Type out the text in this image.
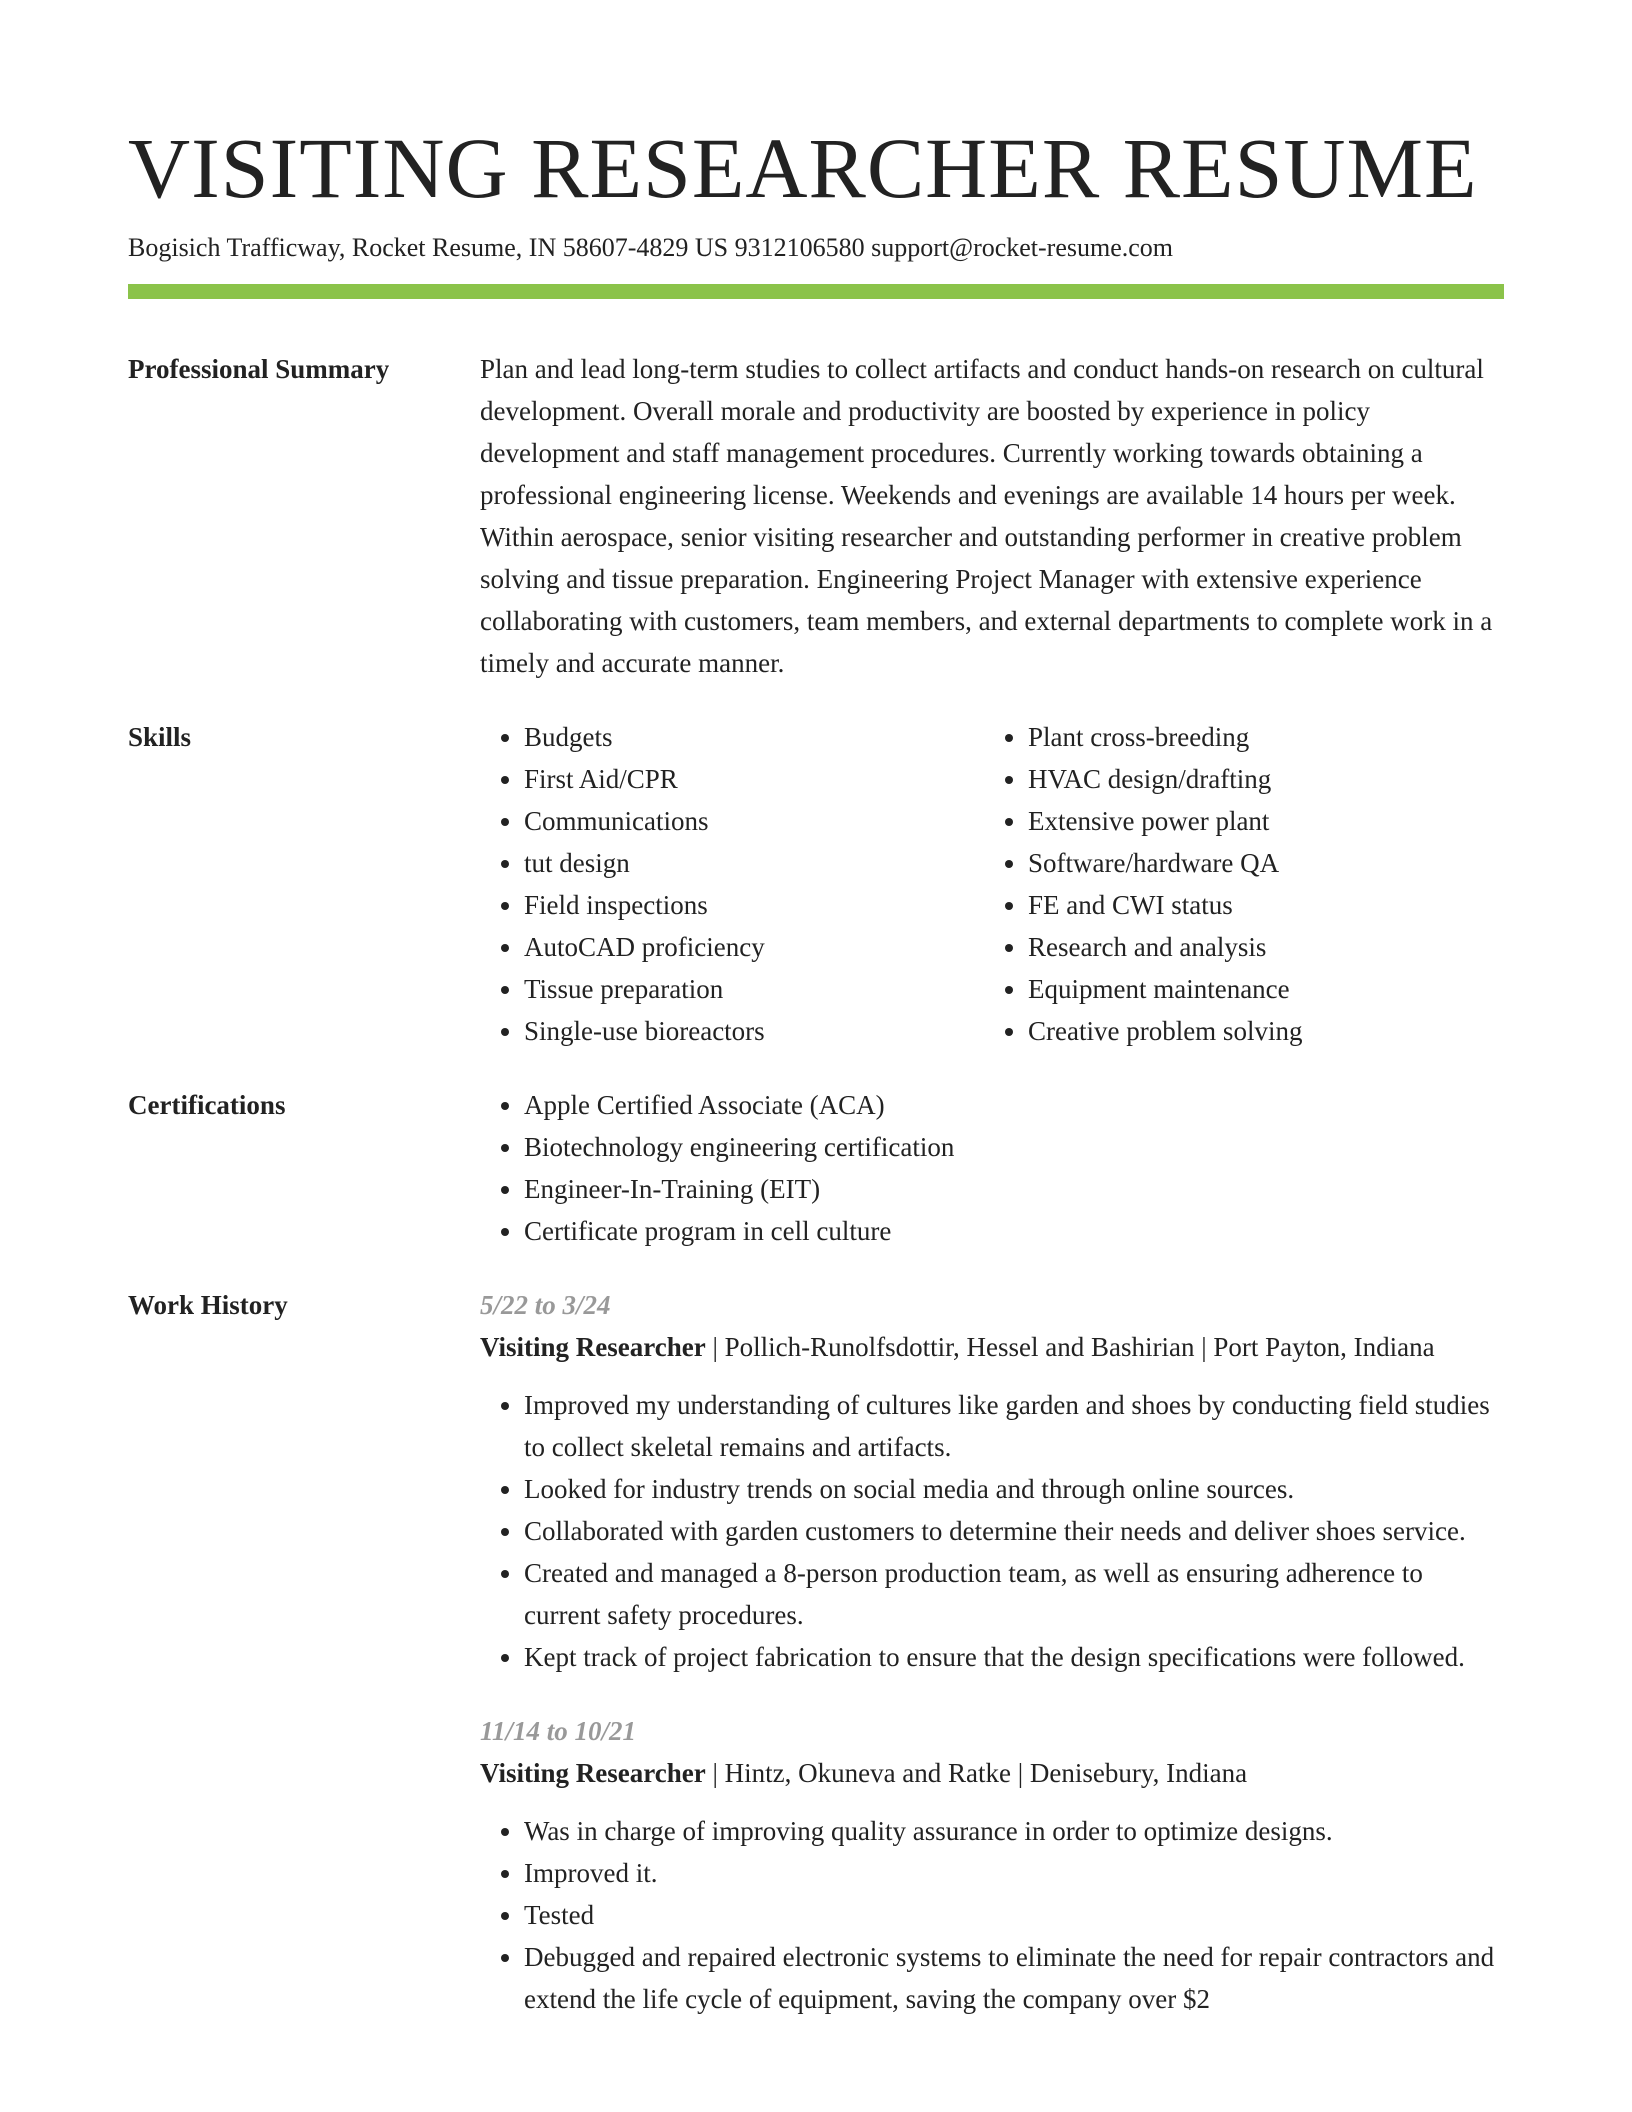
VISITING RESEARCHER RESUME
Bogisich Trafficway, Rocket Resume, IN 58607-4829 US 9312106580 support@rocket-resume.com
Professional Summary	Plan and lead long-term studies to collect artifacts and conduct hands-on research on cultural development. Overall morale and productivity are boosted by experience in policy development and staff management procedures. Currently working towards obtaining a professional engineering license. Weekends and evenings are available 14 hours per week. Within aerospace, senior visiting researcher and outstanding performer in creative problem solving and tissue preparation. Engineering Project Manager with extensive experience collaborating with customers, team members, and external departments to complete work in a timely and accurate manner.
Skills	• Budgets
• First Aid/CPR
• Communications
• tut design
• Field inspections
• AutoCAD proficiency
• Tissue preparation
• Single-use bioreactors
• Plant cross-breeding
• HVAC design/drafting
• Extensive power plant
• Software/hardware QA
• FE and CWI status
• Research and analysis
• Equipment maintenance
• Creative problem solving
Certifications	• Apple Certified Associate (ACA)
• Biotechnology engineering certification
• Engineer-In-Training (EIT)
• Certificate program in cell culture
Work History	5/22 to 3/24
Visiting Researcher | Pollich-Runolfsdottir, Hessel and Bashirian | Port Payton, Indiana
• Improved my understanding of cultures like garden and shoes by conducting field studies to collect skeletal remains and artifacts.
• Looked for industry trends on social media and through online sources.
• Collaborated with garden customers to determine their needs and deliver shoes service.
• Created and managed a 8-person production team, as well as ensuring adherence to current safety procedures.
• Kept track of project fabrication to ensure that the design specifications were followed.
11/14 to 10/21
Visiting Researcher | Hintz, Okuneva and Ratke | Denisebury, Indiana
• Was in charge of improving quality assurance in order to optimize designs.
• Improved it.
• Tested
• Debugged and repaired electronic systems to eliminate the need for repair contractors and extend the life cycle of equipment, saving the company over $2
